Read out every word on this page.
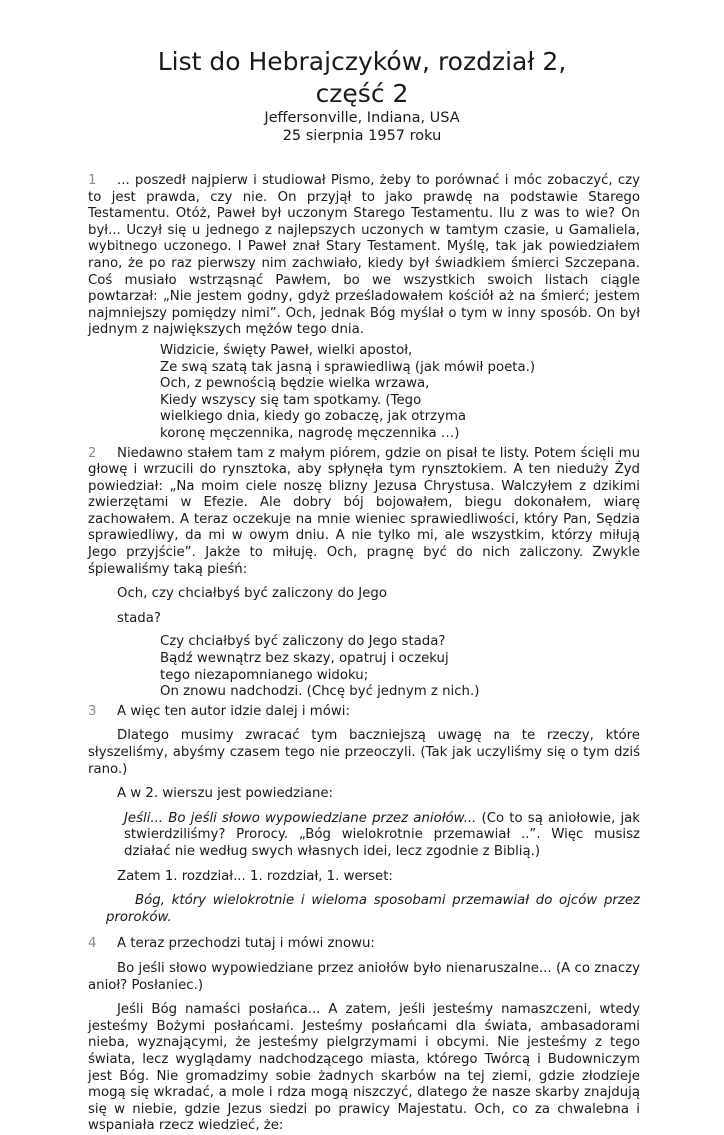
List do Hebrajczyków, rozdział 2,
część 2
Jeffersonville, Indiana, USA
25 sierpnia 1957 roku

1 ... poszedł najpierw i studiował Pismo, żeby to porównać i móc zobaczyć, czy to jest prawda, czy nie. On przyjął to jako prawdę na podstawie Starego Testamentu. Otóż, Paweł był uczonym Starego Testamentu. Ilu z was to wie? On był... Uczył się u jednego z najlepszych uczonych w tamtym czasie, u Gamaliela, wybitnego uczonego. I Paweł znał Stary Testament. Myślę, tak jak powiedziałem rano, że po raz pierwszy nim zachwiało, kiedy był świadkiem śmierci Szczepana. Coś musiało wstrząsnąć Pawłem, bo we wszystkich swoich listach ciągle powtarzał: „Nie jestem godny, gdyż prześladowałem kościół aż na śmierć; jestem najmniejszy pomiędzy nimi”. Och, jednak Bóg myślał o tym w inny sposób. On był jednym z największych mężów tego dnia.

Widzicie, święty Paweł, wielki apostoł,
Ze swą szatą tak jasną i sprawiedliwą (jak mówił poeta.)
Och, z pewnością będzie wielka wrzawa,
Kiedy wszyscy się tam spotkamy. (Tego
wielkiego dnia, kiedy go zobaczę, jak otrzyma
koronę męczennika, nagrodę męczennika …)

2 Niedawno stałem tam z małym piórem, gdzie on pisał te listy. Potem ścięli mu głowę i wrzucili do rynsztoka, aby spłynęła tym rynsztokiem. A ten nieduży Żyd powiedział: „Na moim ciele noszę blizny Jezusa Chrystusa. Walczyłem z dzikimi zwierzętami w Efezie. Ale dobry bój bojowałem, biegu dokonałem, wiarę zachowałem. A teraz oczekuje na mnie wieniec sprawiedliwości, który Pan, Sędzia sprawiedliwy, da mi w owym dniu. A nie tylko mi, ale wszystkim, którzy miłują Jego przyjście”. Jakże to miłuję. Och, pragnę być do nich zaliczony. Zwykle śpiewaliśmy taką pieśń:

Och, czy chciałbyś być zaliczony do Jego
stada?
Czy chciałbyś być zaliczony do Jego stada?
Bądź wewnątrz bez skazy, opatruj i oczekuj
tego niezapomnianego widoku;
On znowu nadchodzi. (Chcę być jednym z nich.)

3 A więc ten autor idzie dalej i mówi:

Dlatego musimy zwracać tym baczniejszą uwagę na te rzeczy, które słyszeliśmy, abyśmy czasem tego nie przeoczyli. (Tak jak uczyliśmy się o tym dziś rano.)

A w 2. wierszu jest powiedziane:

Jeśli... Bo jeśli słowo wypowiedziane przez aniołów... (Co to są aniołowie, jak stwierdziliśmy? Prorocy. „Bóg wielokrotnie przemawiał ..”. Więc musisz działać nie według swych własnych idei, lecz zgodnie z Biblią.)

Zatem 1. rozdział... 1. rozdział, 1. werset:

Bóg, który wielokrotnie i wieloma sposobami przemawiał do ojców przez proroków.

4 A teraz przechodzi tutaj i mówi znowu:

Bo jeśli słowo wypowiedziane przez aniołów było nienaruszalne... (A co znaczy anioł? Posłaniec.)

Jeśli Bóg namaści posłańca... A zatem, jeśli jesteśmy namaszczeni, wtedy jesteśmy Bożymi posłańcami. Jesteśmy posłańcami dla świata, ambasadorami nieba, wyznającymi, że jesteśmy pielgrzymami i obcymi. Nie jesteśmy z tego świata, lecz wyglądamy nadchodzącego miasta, którego Twórcą i Budowniczym jest Bóg. Nie gromadzimy sobie żadnych skarbów na tej ziemi, gdzie złodzieje mogą się wkradać, a mole i rdza mogą niszczyć, dlatego że nasze skarby znajdują się w niebie, gdzie Jezus siedzi po prawicy Majestatu. Och, co za chwalebna i wspaniała rzecz wiedzieć, że:
